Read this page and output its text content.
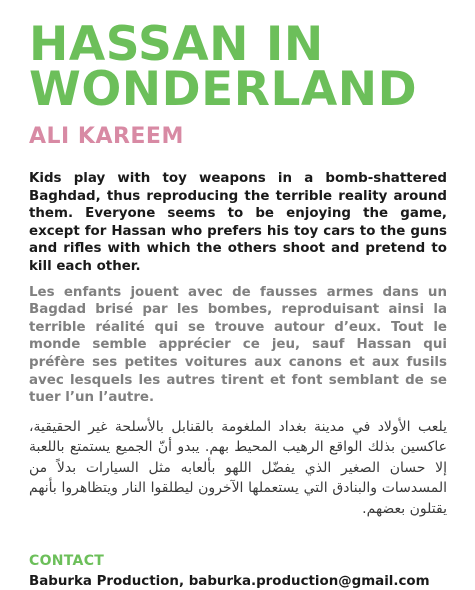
HASSAN IN
WONDERLAND
ALI KAREEM

Kids play with toy weapons in a bomb-shattered Baghdad, thus reproducing the terrible reality around them. Everyone seems to be enjoying the game, except for Hassan who prefers his toy cars to the guns and rifles with which the others shoot and pretend to kill each other.

Les enfants jouent avec de fausses armes dans un Bagdad brisé par les bombes, reproduisant ainsi la terrible réalité qui se trouve autour d’eux. Tout le monde semble apprécier ce jeu, sauf Hassan qui préfère ses petites voitures aux canons et aux fusils avec lesquels les autres tirent et font semblant de se tuer l’un l’autre.

يلعب الأولاد في مدينة بغداد الملغومة بالقنابل بالأسلحة غير الحقيقية، عاكسين بذلك الواقع الرهيب المحيط بهم. يبدو أنّ الجميع يستمتع باللعبة إلا حسان الصغير الذي يفضّل اللهو بألعابه مثل السيارات بدلاً من المسدسات والبنادق التي يستعملها الآخرون ليطلقوا النار ويتظاهروا بأنهم يقتلون بعضهم.

CONTACT
Baburka Production, baburka.production@gmail.com
